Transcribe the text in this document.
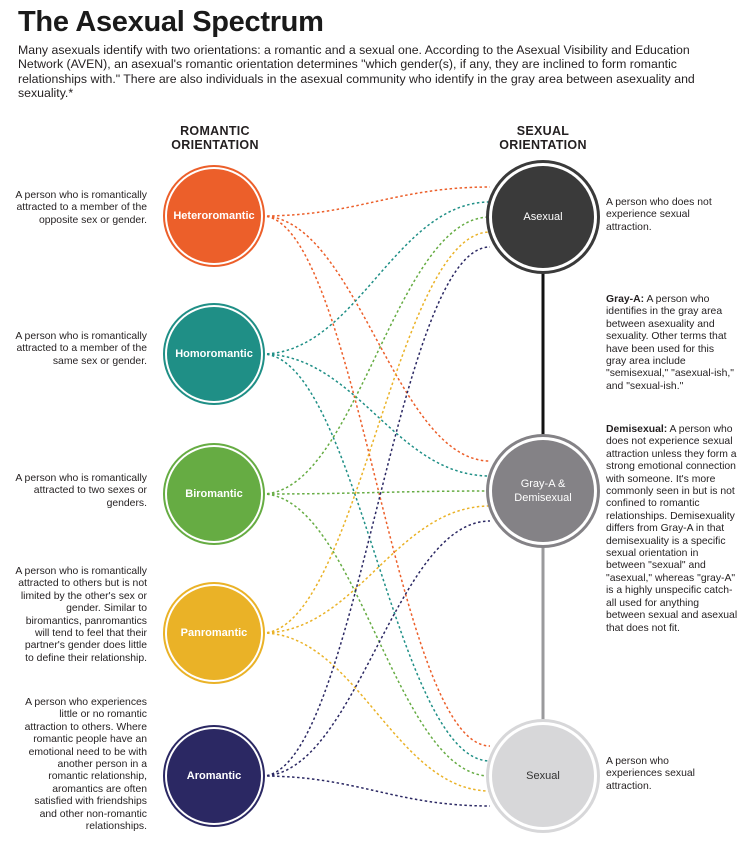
The Asexual Spectrum
Many asexuals identify with two orientations: a romantic and a sexual one. According to the Asexual Visibility and Education Network (AVEN), an asexual's romantic orientation determines "which gender(s), if any, they are inclined to form romantic relationships with." There are also individuals in the asexual community who identify in the gray area between asexuality and sexuality.*
ROMANTIC
ORIENTATION
SEXUAL
ORIENTATION
Heteroromantic
Homoromantic
Biromantic
Panromantic
Aromantic
Asexual
Gray-A & Demisexual
Sexual
A person who is romantically attracted to a member of the opposite sex or gender.
A person who is romantically attracted to a member of the same sex or gender.
A person who is romantically attracted to two sexes or genders.
A person who is romantically attracted to others but is not limited by the other's sex or gender. Similar to biromantics, panromantics will tend to feel that their partner's gender does little to define their relationship.
A person who experiences little or no romantic attraction to others. Where romantic people have an emotional need to be with another person in a romantic relationship, aromantics are often satisfied with friendships and other non-romantic relationships.
A person who does not experience sexual attraction.
Gray-A: A person who identifies in the gray area between asexuality and sexuality. Other terms that have been used for this gray area include "semisexual," "asexual-ish," and "sexual-ish."
Demisexual: A person who does not experience sexual attraction unless they form a strong emotional connection with someone. It's more commonly seen in but is not confined to romantic relationships. Demisexuality differs from Gray-A in that demisexuality is a specific sexual orientation in between "sexual" and "asexual," whereas "gray-A" is a highly unspecific catch-all used for anything between sexual and asexual that does not fit.
A person who experiences sexual attraction.
